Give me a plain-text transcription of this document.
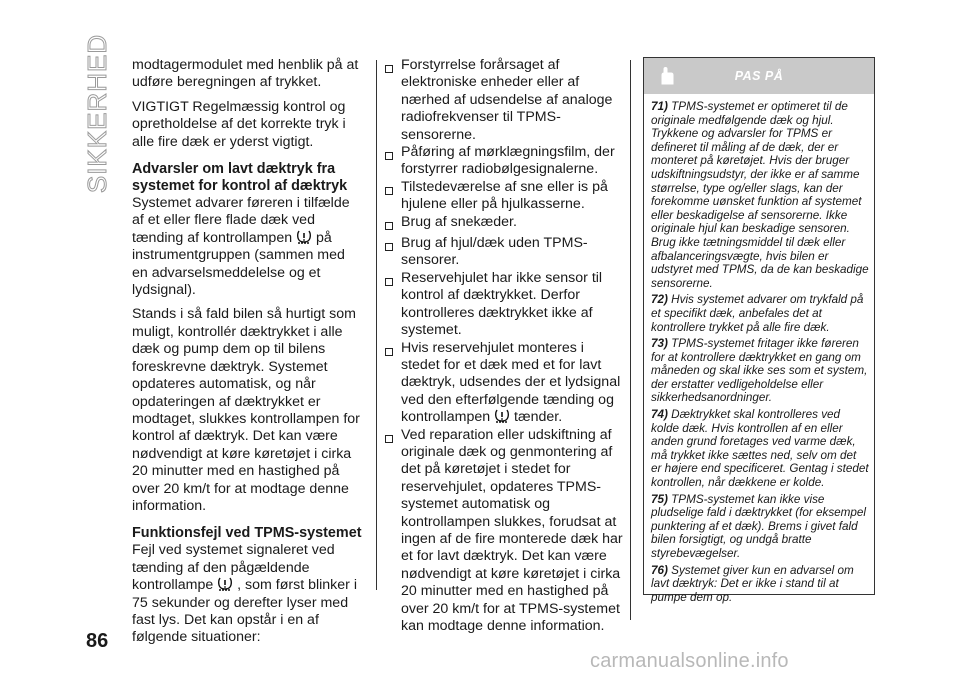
SIKKERHED modtagermodulet med henblik på at udføre beregningen af trykket.

VIGTIGT Regelmæssig kontrol og opretholdelse af det korrekte tryk i alle fire dæk er yderst vigtigt.

Advarsler om lavt dæktryk fra systemet for kontrol af dæktryk

Systemet advarer føreren i tilfælde af et eller flere flade dæk ved tænding af kontrollampen på instrumentgruppen (sammen med en advarselsmeddelelse og et lydsignal).

Stands i så fald bilen så hurtigt som muligt, kontrollér dæktrykket i alle dæk og pump dem op til bilens foreskrevne dæktryk. Systemet opdateres automatisk, og når opdateringen af dæktrykket er modtaget, slukkes kontrollampen for kontrol af dæktryk. Det kan være nødvendigt at køre køretøjet i cirka 20 minutter med en hastighed på over 20 km/t for at modtage denne information.

Funktionsfejl ved TPMS-systemet

Fejl ved systemet signaleret ved tænding af den pågældende kontrollampe , som først blinker i 75 sekunder og derefter lyser med fast lys. Det kan opstår i en af følgende situationer:

Forstyrrelse forårsaget af elektroniske enheder eller af nærhed af udsendelse af analoge radiofrekvenser til TPMS-sensorerne.
Påføring af mørklægningsfilm, der forstyrrer radiobølgesignalerne.
Tilstedeværelse af sne eller is på hjulene eller på hjulkasserne.
Brug af snekæder.
Brug af hjul/dæk uden TPMS-sensorer.
Reservehjulet har ikke sensor til kontrol af dæktrykket. Derfor kontrolleres dæktrykket ikke af systemet.
Hvis reservehjulet monteres i stedet for et dæk med et for lavt dæktryk, udsendes der et lydsignal ved den efterfølgende tænding og kontrollampen tænder.
Ved reparation eller udskiftning af originale dæk og genmontering af det på køretøjet i stedet for reservehjulet, opdateres TPMS-systemet automatisk og kontrollampen slukkes, forudsat at ingen af de fire monterede dæk har et for lavt dæktryk. Det kan være nødvendigt at køre køretøjet i cirka 20 minutter med en hastighed på over 20 km/t for at TPMS-systemet kan modtage denne information.
PAS PÅ

71) TPMS-systemet er optimeret til de originale medfølgende dæk og hjul. Trykkene og advarsler for TPMS er defineret til måling af de dæk, der er monteret på køretøjet. Hvis der bruger udskiftningsudstyr, der ikke er af samme størrelse, type og/eller slags, kan der forekomme uønsket funktion af systemet eller beskadigelse af sensorerne. Ikke originale hjul kan beskadige sensoren. Brug ikke tætningsmiddel til dæk eller afbalanceringsvægte, hvis bilen er udstyret med TPMS, da de kan beskadige sensorerne.

72) Hvis systemet advarer om trykfald på et specifikt dæk, anbefales det at kontrollere trykket på alle fire dæk.

73) TPMS-systemet fritager ikke føreren for at kontrollere dæktrykket en gang om måneden og skal ikke ses som et system, der erstatter vedligeholdelse eller sikkerhedsanordninger.

74) Dæktrykket skal kontrolleres ved kolde dæk. Hvis kontrollen af en eller anden grund foretages ved varme dæk, må trykket ikke sættes ned, selv om det er højere end specificeret. Gentag i stedet kontrollen, når dækkene er kolde.

75) TPMS-systemet kan ikke vise pludselige fald i dæktrykket (for eksempel punktering af et dæk). Brems i givet fald bilen forsigtigt, og undgå bratte styrebevægelser.

76) Systemet giver kun en advarsel om lavt dæktryk: Det er ikke i stand til at pumpe dem op.

86
carmanualsonline.info
